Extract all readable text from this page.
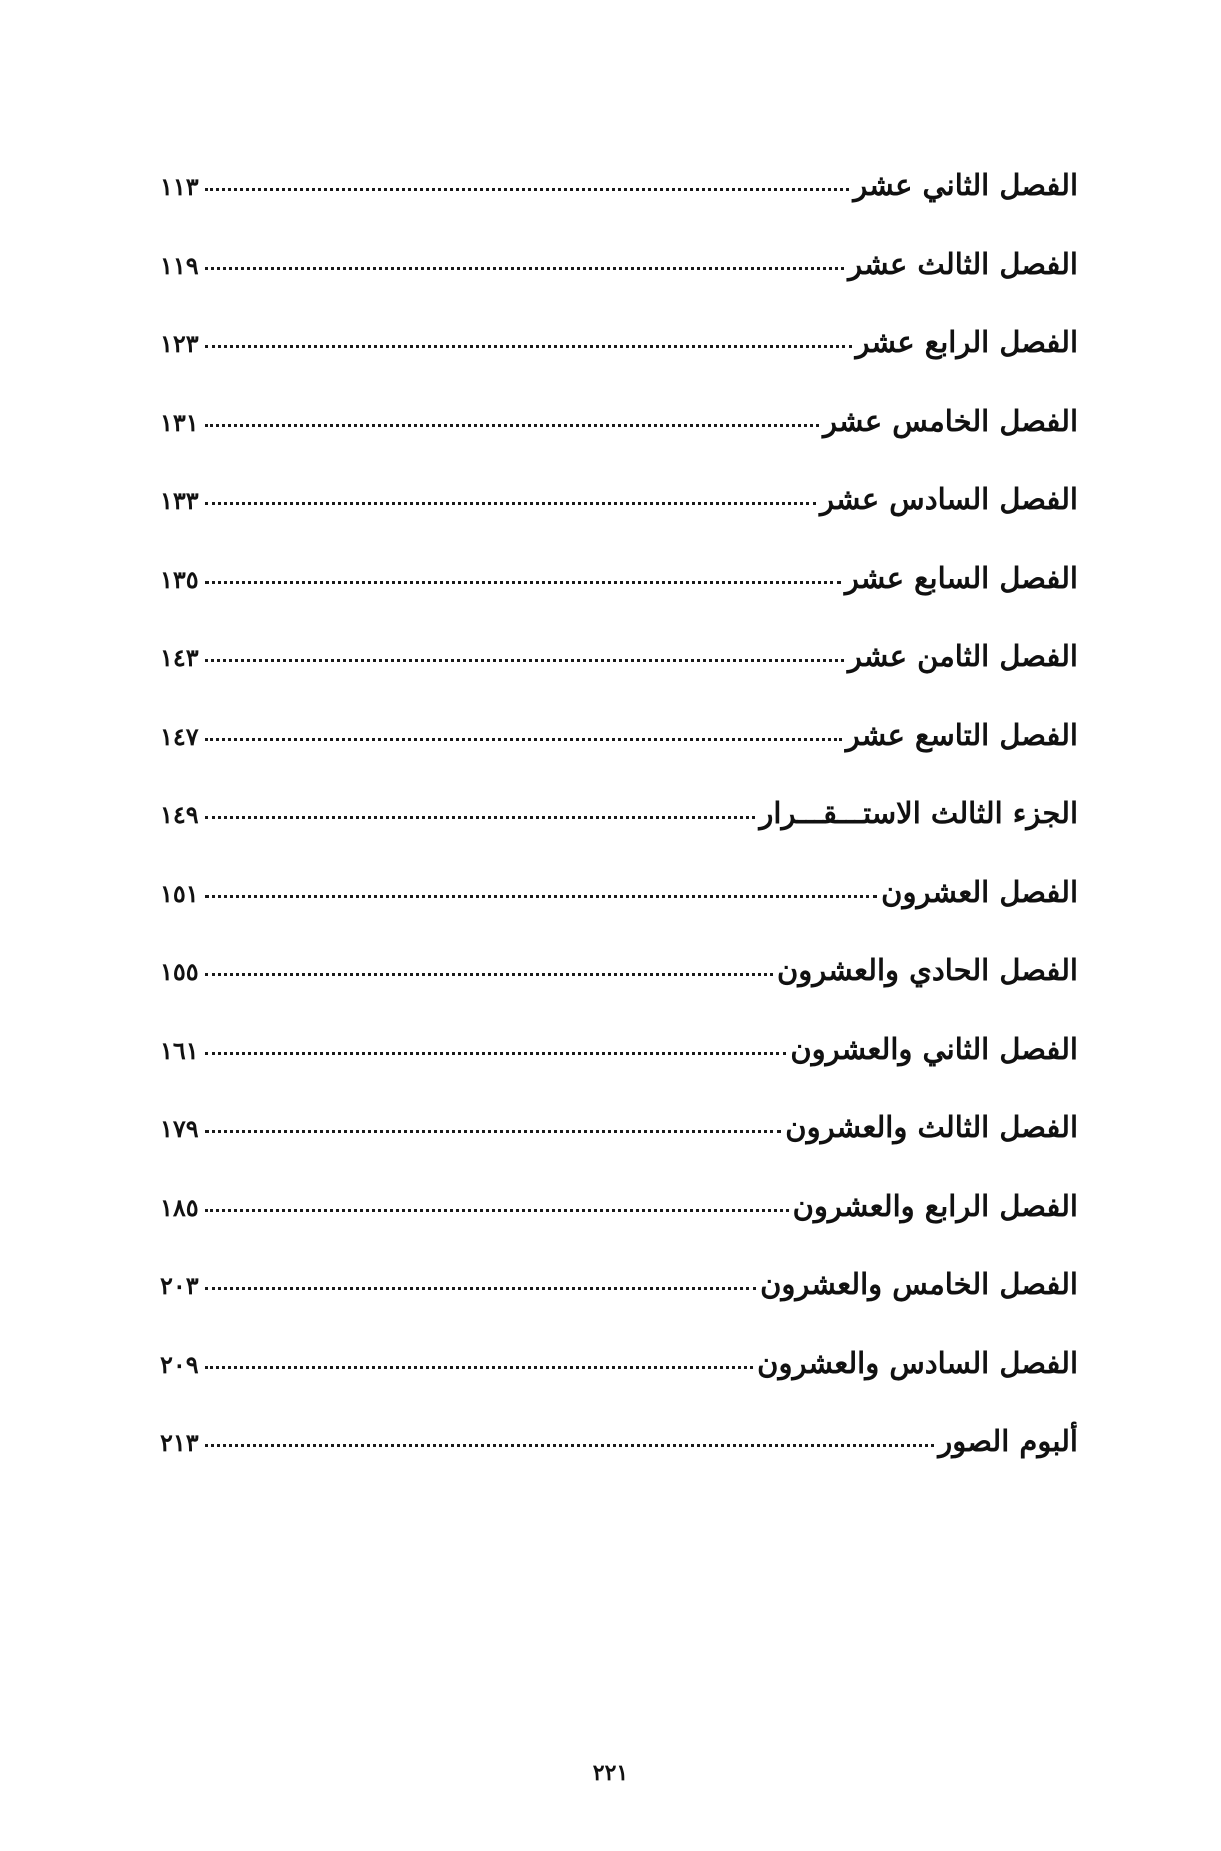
الفصل الثاني عشر
١١٣
الفصل الثالث عشر
١١٩
الفصل الرابع عشر
١٢٣
الفصل الخامس عشر
١٣١
الفصل السادس عشر
١٣٣
الفصل السابع عشر
١٣٥
الفصل الثامن عشر
١٤٣
الفصل التاسع عشر
١٤٧
الجزء الثالث الاستـــقـــرار
١٤٩
الفصل العشرون
١٥١
الفصل الحادي والعشرون
١٥٥
الفصل الثاني والعشرون
١٦١
الفصل الثالث والعشرون
١٧٩
الفصل الرابع والعشرون
١٨٥
الفصل الخامس والعشرون
٢٠٣
الفصل السادس والعشرون
٢٠٩
ألبوم الصور
٢١٣
٢٢١
